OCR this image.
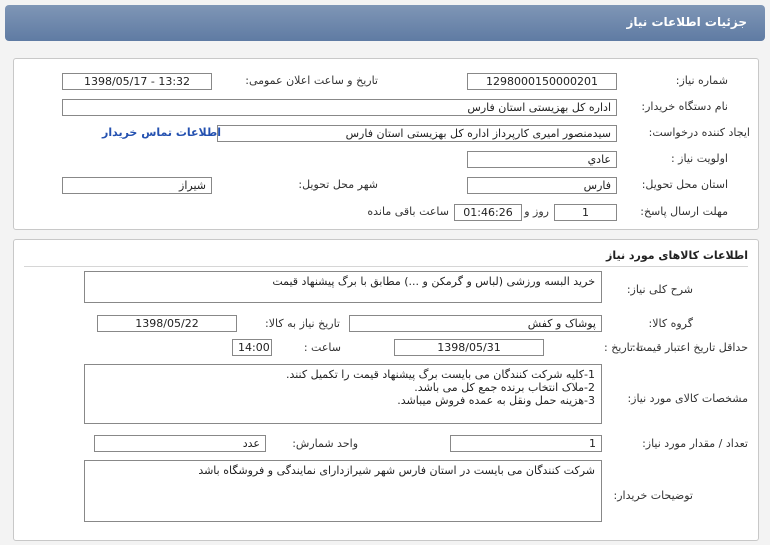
جزئیات اطلاعات نیاز
شماره نیاز:
1298000150000201
تاریخ و ساعت اعلان عمومی:
1398/05/17 - 13:32
نام دستگاه خریدار:
اداره کل بهزیستی استان فارس
ایجاد کننده درخواست:
سیدمنصور امیری کارپرداز اداره کل بهزیستی استان فارس
اطلاعات تماس خریدار
اولویت نیاز :
عادي
استان محل تحویل:
فارس
شهر محل تحویل:
شیراز
مهلت ارسال پاسخ:
1
روز و
01:46:26
ساعت باقی مانده
اطلاعات کالاهای مورد نیاز
شرح کلی نیاز:
خرید البسه ورزشی (لباس و گرمکن و ...) مطابق با برگ پیشنهاد قیمت
گروه کالا:
پوشاک و کفش
تاریخ نیاز به کالا:
1398/05/22
حداقل تاریخ اعتبار قیمت:
تا تاریخ :
1398/05/31
ساعت :
14:00
مشخصات کالای مورد نیاز:
1-کلیه شرکت کنندگان می بایست برگ پیشنهاد قیمت را تکمیل کنند.
2-ملاک انتخاب برنده جمع کل می باشد.
3-هزینه حمل ونقل به عمده فروش میباشد.
تعداد / مقدار مورد نیاز:
1
واحد شمارش:
عدد
توضیحات خریدار:
شرکت کنندگان می بایست در استان فارس شهر شیرازدارای نمایندگی و فروشگاه باشد
